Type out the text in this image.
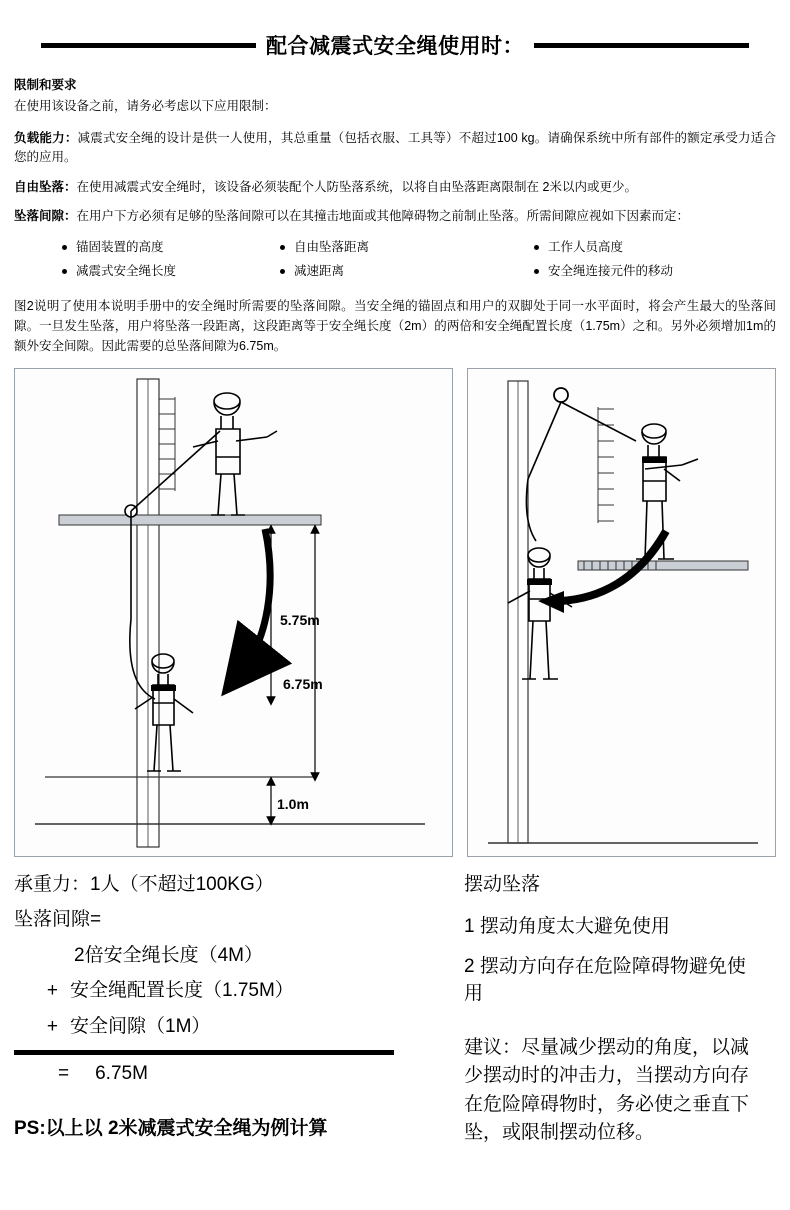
配合减震式安全绳使用时：
限制和要求
在使用该设备之前，请务必考虑以下应用限制：

负载能力：减震式安全绳的设计是供一人使用，其总重量（包括衣服、工具等）不超过100 kg。请确保系统中所有部件的额定承受力适合您的应用。

自由坠落：在使用减震式安全绳时，该设备必须装配个人防坠落系统，以将自由坠落距离限制在 2米以内或更少。

坠落间隙：在用户下方必须有足够的坠落间隙可以在其撞击地面或其他障碍物之前制止坠落。所需间隙应视如下因素而定：

锚固装置的高度
减震式安全绳长度
自由坠落距离
减速距离
工作人员高度
安全绳连接元件的移动
图2说明了使用本说明手册中的安全绳时所需要的坠落间隙。当安全绳的锚固点和用户的双脚处于同一水平面时，将会产生最大的坠落间隙。一旦发生坠落，用户将坠落一段距离，这段距离等于安全绳长度（2m）的两倍和安全绳配置长度（1.75m）之和。另外必须增加1m的额外安全间隙。因此需要的总坠落间隙为6.75m。
5.75m
6.75m
1.0m
承重力：1人（不超过100KG）
坠落间隙=
2倍安全绳长度（4M）
+ 安全绳配置长度（1.75M）
+ 安全间隙（1M）
= 6.75M
PS:以上以 2米减震式安全绳为例计算
摆动坠落
1 摆动角度太大避免使用
2 摆动方向存在危险障碍物避免使用
建议：尽量减少摆动的角度，以减少摆动时的冲击力，当摆动方向存在危险障碍物时，务必使之垂直下坠，或限制摆动位移。
